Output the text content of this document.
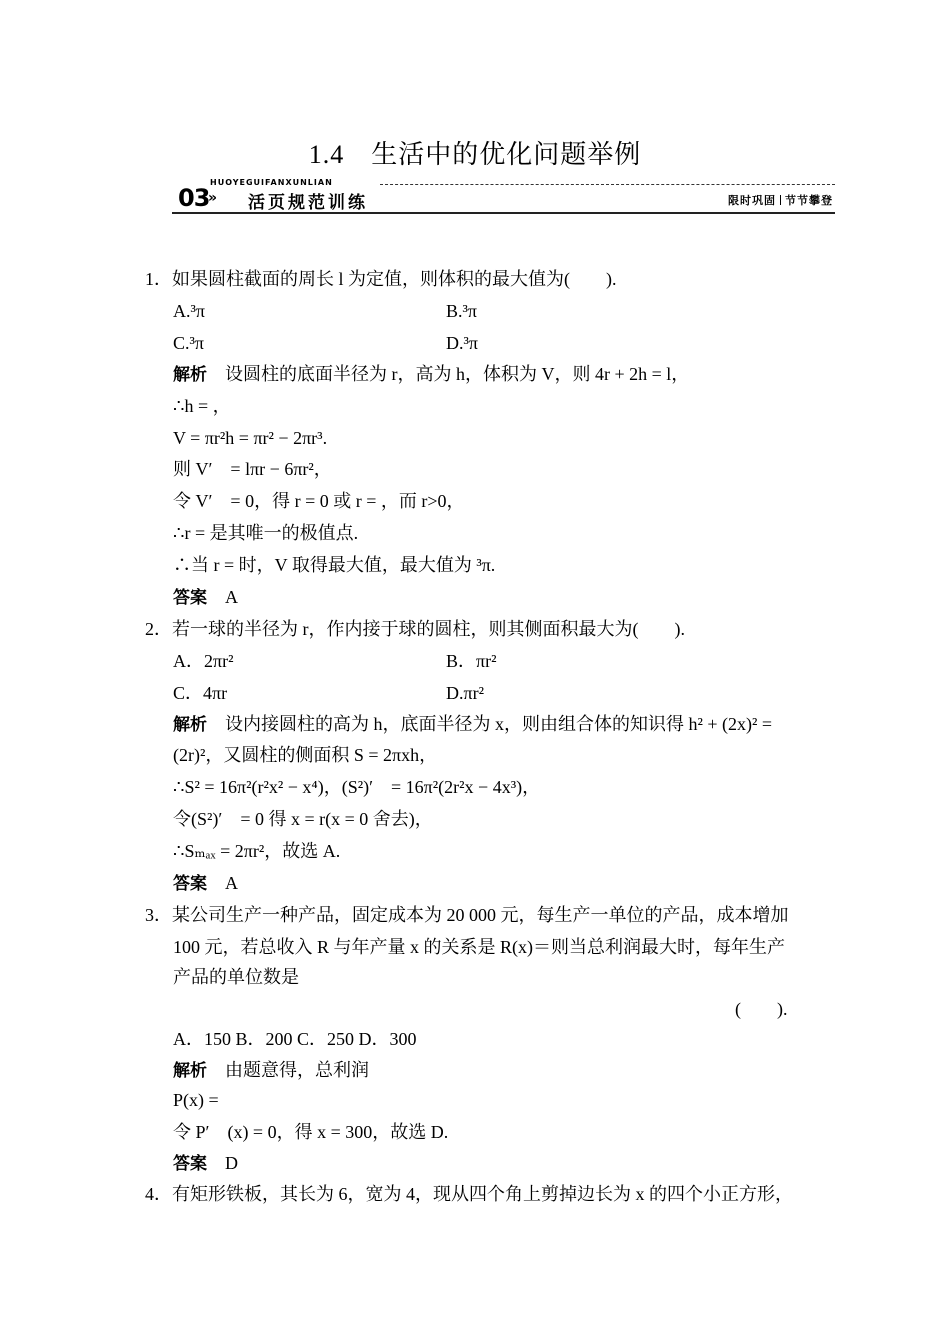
1.4　生活中的优化问题举例
HUOYEGUIFANXUNLIAN
03
» 活页规范训练	限时巩固 节节攀登
1．如果圆柱截面的周长 l 为定值，则体积的最大值为(　　).
A.³π	B.³π
C.³π	D.³π
解析　 设圆柱的底面半径为 r，高为 h，体积为 V，则 4r + 2h = l，
∴h = ，
V = πr²h = πr² − 2πr³.
则 V′　= lπr − 6πr²，
令 V′　= 0，得 r = 0 或 r = ，而 r>0，
∴r = 是其唯一的极值点.
∴当 r = 时，V 取得最大值，最大值为 ³π.
答案　 A
2．若一球的半径为 r，作内接于球的圆柱，则其侧面积最大为(　　).
A．2πr²	B．πr²
C．4πr	D.πr²
解析　 设内接圆柱的高为 h，底面半径为 x，则由组合体的知识得 h² + (2x)² =
(2r)²，又圆柱的侧面积 S = 2πxh，
∴S² = 16π²(r²x² − x⁴)，(S²)′　= 16π²(2r²x − 4x³)，
令(S²)′　= 0 得 x = r(x = 0 舍去)，
∴Sₘₐₓ = 2πr²，故选 A.
答案　 A
3．某公司生产一种产品，固定成本为 20 000 元，每生产一单位的产品，成本增加
100 元，若总收入 R 与年产量 x 的关系是 R(x)＝则当总利润最大时，每年生产
产品的单位数是
(　　).
A．150 B．200 C．250 D．300
解析　 由题意得，总利润
P(x) =
令 P′　(x) = 0，得 x = 300，故选 D.
答案　 D
4．有矩形铁板，其长为 6，宽为 4，现从四个角上剪掉边长为 x 的四个小正方形，
